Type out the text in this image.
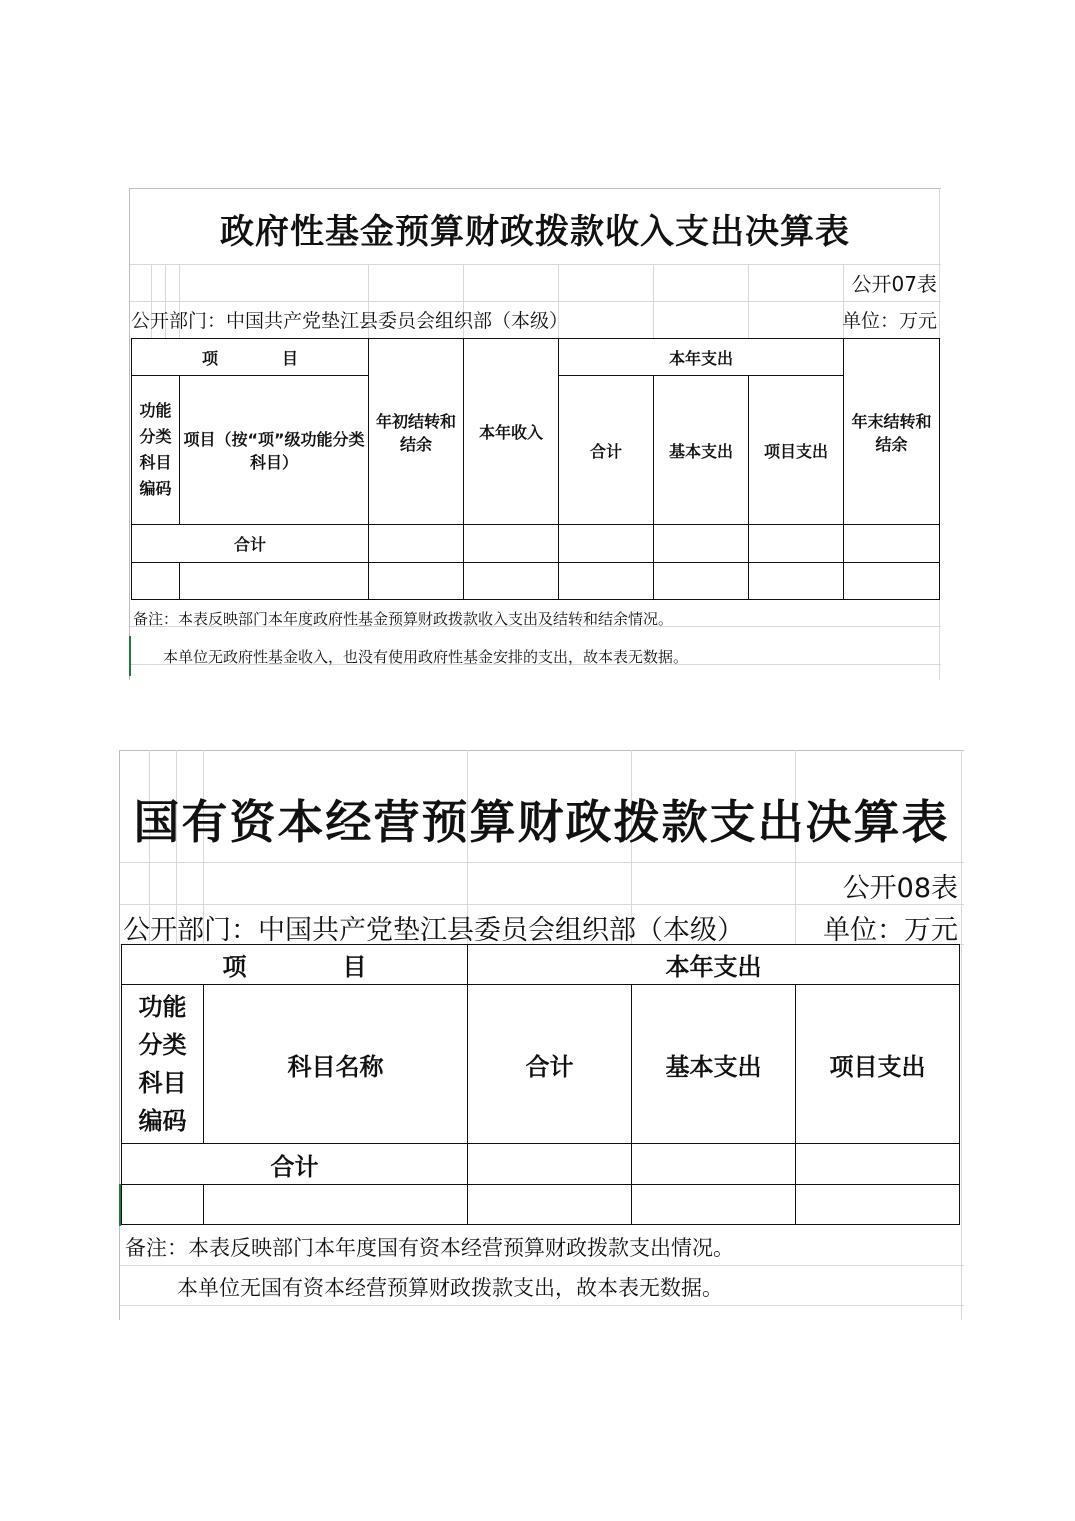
政府性基金预算财政拨款收入支出决算表
公开07表
公开部门：中国共产党垫江县委员会组织部（本级）	单位：万元
项　　　　目		年初结转和结余	本年收入	本年支出			年末结转和结余
功能分类科目编码	项目（按“项”级功能分类科目）			合计	基本支出	项目支出	
合计							

备注：本表反映部门本年度政府性基金预算财政拨款收入支出及结转和结余情况。
本单位无政府性基金收入，也没有使用政府性基金安排的支出，故本表无数据。
国有资本经营预算财政拨款支出决算表
公开08表
公开部门：中国共产党垫江县委员会组织部（本级）	单位：万元
项　　　　目		本年支出		
功能分类科目编码	科目名称	合计	基本支出	项目支出
合计				

备注：本表反映部门本年度国有资本经营预算财政拨款支出情况。
本单位无国有资本经营预算财政拨款支出，故本表无数据。
